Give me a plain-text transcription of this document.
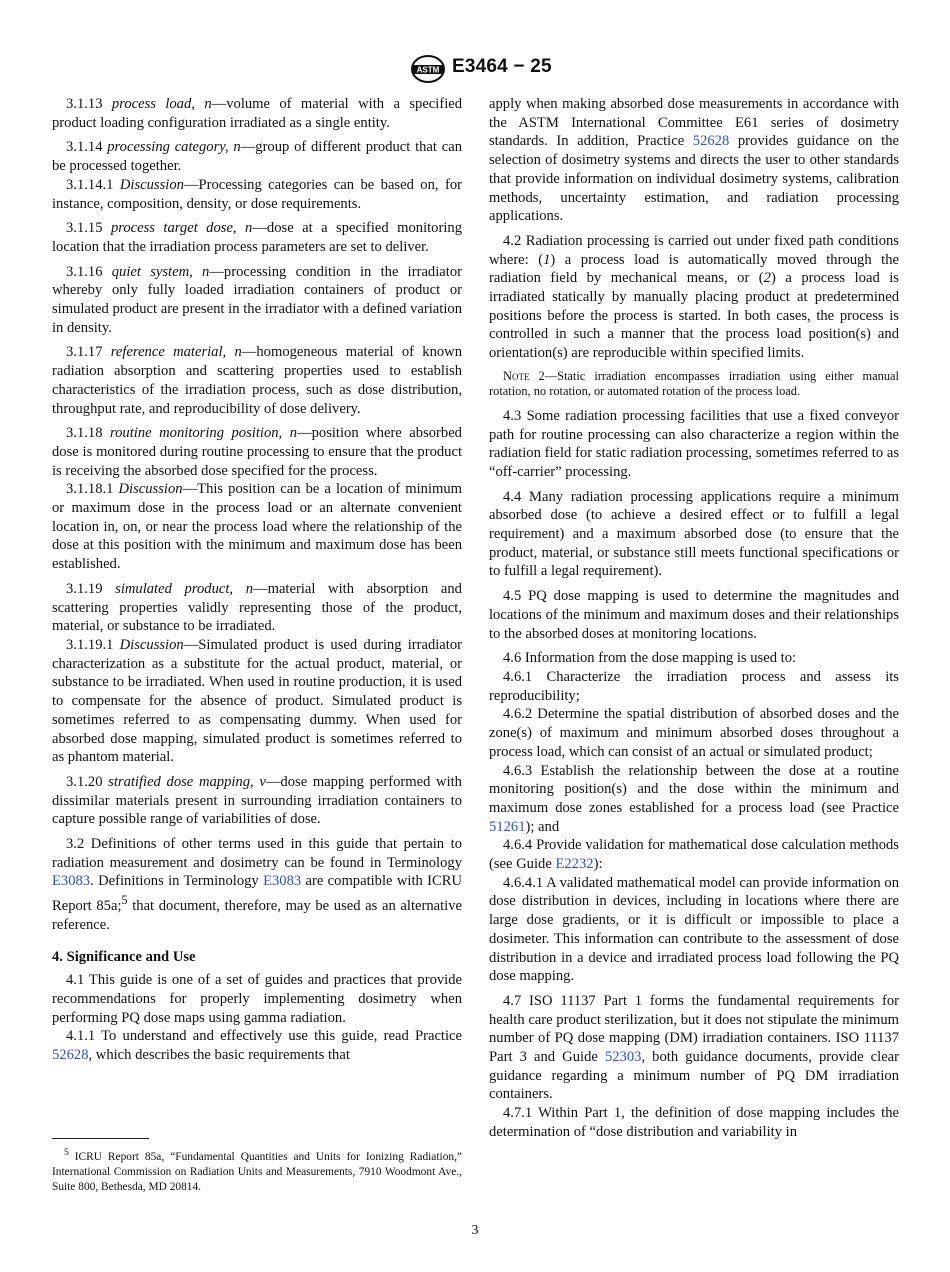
ASTM E3464 − 25

3.1.13 process load, n—volume of material with a specified product loading configuration irradiated as a single entity.

3.1.14 processing category, n—group of different product that can be processed together.

3.1.14.1 Discussion—Processing categories can be based on, for instance, composition, density, or dose requirements.

3.1.15 process target dose, n—dose at a specified monitoring location that the irradiation process parameters are set to deliver.

3.1.16 quiet system, n—processing condition in the irradiator whereby only fully loaded irradiation containers of product or simulated product are present in the irradiator with a defined variation in density.

3.1.17 reference material, n—homogeneous material of known radiation absorption and scattering properties used to establish characteristics of the irradiation process, such as dose distribution, throughput rate, and reproducibility of dose delivery.

3.1.18 routine monitoring position, n—position where absorbed dose is monitored during routine processing to ensure that the product is receiving the absorbed dose specified for the process.

3.1.18.1 Discussion—This position can be a location of minimum or maximum dose in the process load or an alternate convenient location in, on, or near the process load where the relationship of the dose at this position with the minimum and maximum dose has been established.

3.1.19 simulated product, n—material with absorption and scattering properties validly representing those of the product, material, or substance to be irradiated.

3.1.19.1 Discussion—Simulated product is used during irradiator characterization as a substitute for the actual product, material, or substance to be irradiated. When used in routine production, it is used to compensate for the absence of product. Simulated product is sometimes referred to as compensating dummy. When used for absorbed dose mapping, simulated product is sometimes referred to as phantom material.

3.1.20 stratified dose mapping, v—dose mapping performed with dissimilar materials present in surrounding irradiation containers to capture possible range of variabilities of dose.

3.2 Definitions of other terms used in this guide that pertain to radiation measurement and dosimetry can be found in Terminology E3083. Definitions in Terminology E3083 are compatible with ICRU Report 85a;$^5$ that document, therefore, may be used as an alternative reference.

4. Significance and Use

4.1 This guide is one of a set of guides and practices that provide recommendations for properly implementing dosimetry when performing PQ dose maps using gamma radiation.

4.1.1 To understand and effectively use this guide, read Practice 52628, which describes the basic requirements that

apply when making absorbed dose measurements in accordance with the ASTM International Committee E61 series of dosimetry standards. In addition, Practice 52628 provides guidance on the selection of dosimetry systems and directs the user to other standards that provide information on individual dosimetry systems, calibration methods, uncertainty estimation, and radiation processing applications.

4.2 Radiation processing is carried out under fixed path conditions where: (1) a process load is automatically moved through the radiation field by mechanical means, or (2) a process load is irradiated statically by manually placing product at predetermined positions before the process is started. In both cases, the process is controlled in such a manner that the process load position(s) and orientation(s) are reproducible within specified limits.

Note 2—Static irradiation encompasses irradiation using either manual rotation, no rotation, or automated rotation of the process load.

4.3 Some radiation processing facilities that use a fixed conveyor path for routine processing can also characterize a region within the radiation field for static radiation processing, sometimes referred to as “off-carrier” processing.

4.4 Many radiation processing applications require a minimum absorbed dose (to achieve a desired effect or to fulfill a legal requirement) and a maximum absorbed dose (to ensure that the product, material, or substance still meets functional specifications or to fulfill a legal requirement).

4.5 PQ dose mapping is used to determine the magnitudes and locations of the minimum and maximum doses and their relationships to the absorbed doses at monitoring locations.

4.6 Information from the dose mapping is used to:

4.6.1 Characterize the irradiation process and assess its reproducibility;

4.6.2 Determine the spatial distribution of absorbed doses and the zone(s) of maximum and minimum absorbed doses throughout a process load, which can consist of an actual or simulated product;

4.6.3 Establish the relationship between the dose at a routine monitoring position(s) and the dose within the minimum and maximum dose zones established for a process load (see Practice 51261); and

4.6.4 Provide validation for mathematical dose calculation methods (see Guide E2232):

4.6.4.1 A validated mathematical model can provide information on dose distribution in devices, including in locations where there are large dose gradients, or it is difficult or impossible to place a dosimeter. This information can contribute to the assessment of dose distribution in a device and irradiated process load following the PQ dose mapping.

4.7 ISO 11137 Part 1 forms the fundamental requirements for health care product sterilization, but it does not stipulate the minimum number of PQ dose mapping (DM) irradiation containers. ISO 11137 Part 3 and Guide 52303, both guidance documents, provide clear guidance regarding a minimum number of PQ DM irradiation containers.

4.7.1 Within Part 1, the definition of dose mapping includes the determination of “dose distribution and variability in

$^5$ ICRU Report 85a, “Fundamental Quantities and Units for Ionizing Radiation,” International Commission on Radiation Units and Measurements, 7910 Woodmont Ave., Suite 800, Bethesda, MD 20814.
3
